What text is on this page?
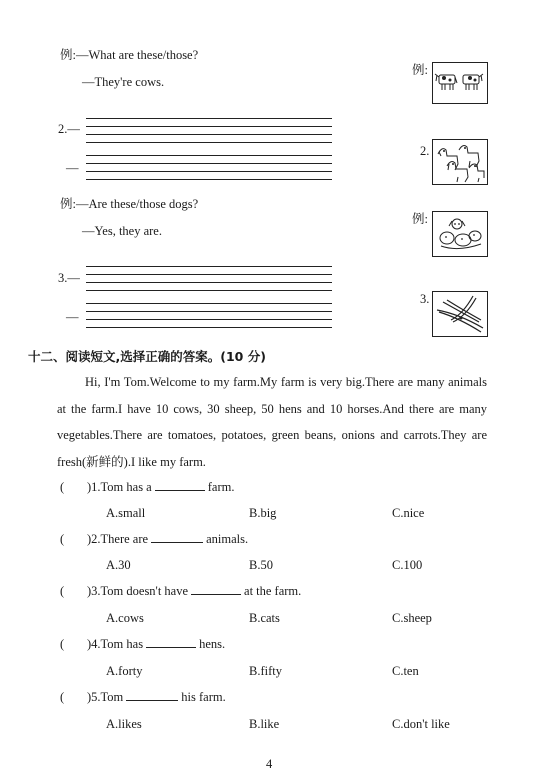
例:—What are these/those?
—They're cows.
2.—
—
例:—Are these/those dogs?
—Yes, they are.
3.—
—
例:
2.
例:
3.
十二、阅读短文,选择正确的答案。(10 分)
Hi, I'm Tom.Welcome to my farm.My farm is very big.There are many animals at the farm.I have 10 cows, 30 sheep, 50 hens and 10 horses.And there are many vegetables.There are tomatoes, potatoes, green beans, onions and carrots.They are fresh(新鲜的).I like my farm.
( )1.Tom has a	farm.
A.small	B.big	C.nice
( )2.There are	animals.
A.30	B.50	C.100
( )3.Tom doesn't have	at the farm.
A.cows	B.cats	C.sheep
( )4.Tom has	hens.
A.forty	B.fifty	C.ten
( )5.Tom	his farm.
A.likes	B.like	C.don't like
4
